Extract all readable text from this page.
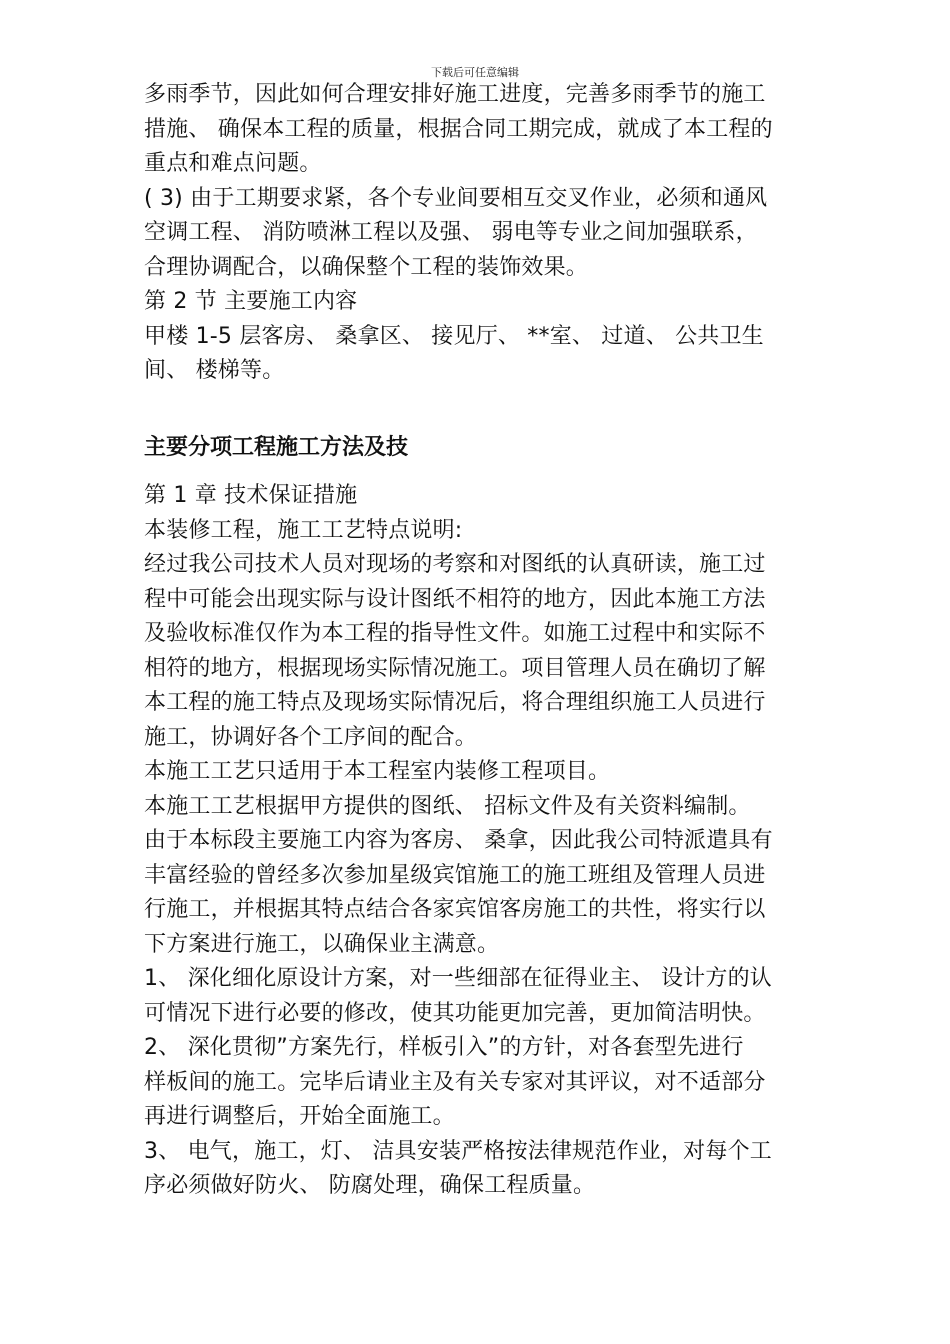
下载后可任意编辑
多雨季节，因此如何合理安排好施工进度，完善多雨季节的施工
措施、 确保本工程的质量，根据合同工期完成，就成了本工程的
重点和难点问题。
( 3) 由于工期要求紧，各个专业间要相互交叉作业，必须和通风
空调工程、 消防喷淋工程以及强、 弱电等专业之间加强联系，
合理协调配合，以确保整个工程的装饰效果。
第 2 节 主要施工内容
甲楼 1-5 层客房、 桑拿区、 接见厅、 **室、 过道、 公共卫生
间、 楼梯等。
主要分项工程施工方法及技
第 1 章 技术保证措施
本装修工程，施工工艺特点说明:
经过我公司技术人员对现场的考察和对图纸的认真研读，施工过
程中可能会出现实际与设计图纸不相符的地方，因此本施工方法
及验收标准仅作为本工程的指导性文件。如施工过程中和实际不
相符的地方，根据现场实际情况施工。项目管理人员在确切了解
本工程的施工特点及现场实际情况后，将合理组织施工人员进行
施工，协调好各个工序间的配合。
本施工工艺只适用于本工程室内装修工程项目。
本施工工艺根据甲方提供的图纸、 招标文件及有关资料编制。
由于本标段主要施工内容为客房、 桑拿，因此我公司特派遣具有
丰富经验的曾经多次参加星级宾馆施工的施工班组及管理人员进
行施工，并根据其特点结合各家宾馆客房施工的共性，将实行以
下方案进行施工，以确保业主满意。
1、 深化细化原设计方案，对一些细部在征得业主、 设计方的认
可情况下进行必要的修改，使其功能更加完善，更加简洁明快。
2、 深化贯彻”方案先行，样板引入”的方针，对各套型先进行
样板间的施工。完毕后请业主及有关专家对其评议，对不适部分
再进行调整后，开始全面施工。
3、 电气，施工，灯、 洁具安装严格按法律规范作业，对每个工
序必须做好防火、 防腐处理，确保工程质量。
